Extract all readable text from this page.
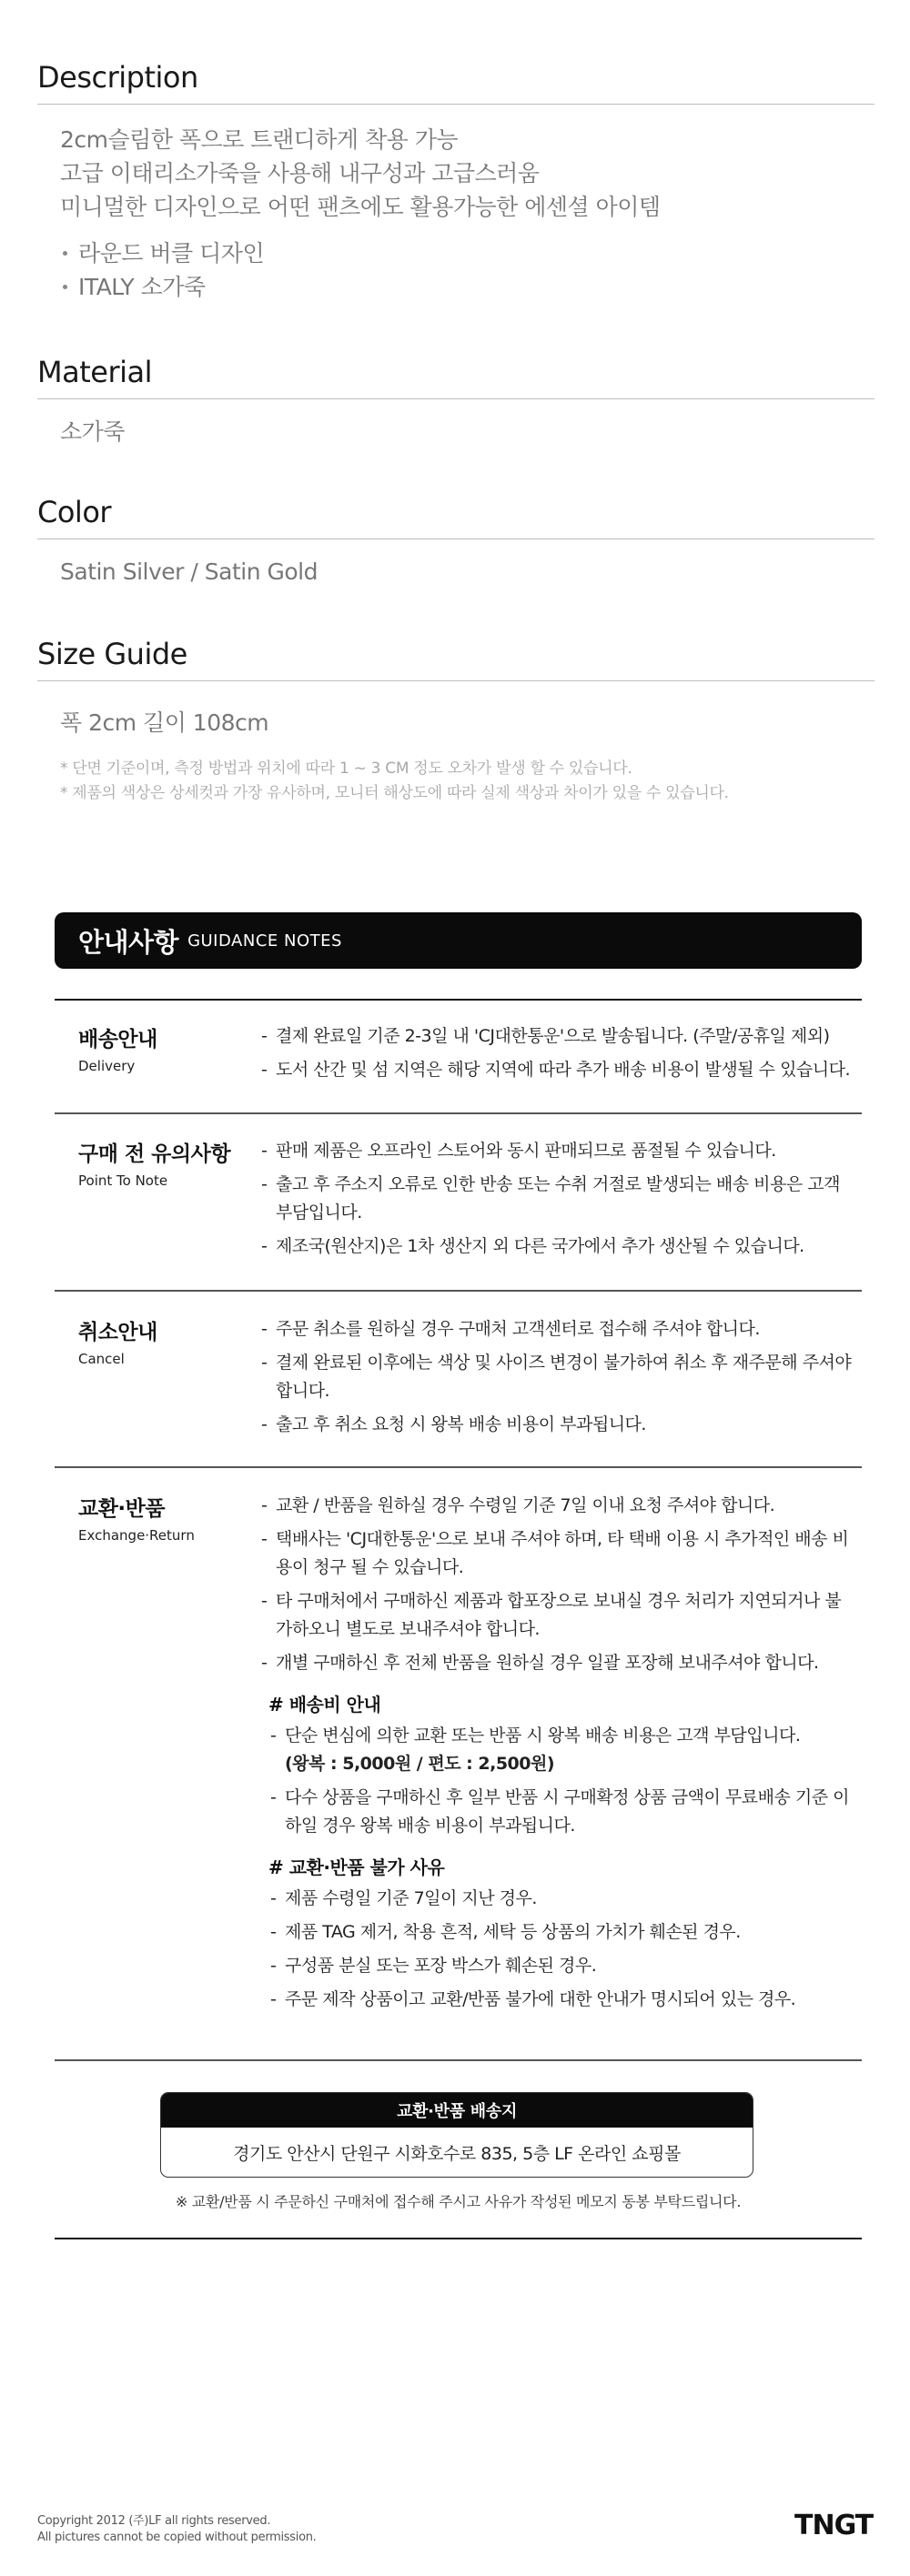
Description
2cm슬림한 폭으로 트랜디하게 착용 가능
고급 이태리소가죽을 사용해 내구성과 고급스러움
미니멀한 디자인으로 어떤 팬츠에도 활용가능한 에센셜 아이템
라운드 버클 디자인
ITALY 소가죽
Material
소가죽
Color
Satin Silver / Satin Gold
Size Guide
폭 2cm 길이 108cm
* 단면 기준이며, 측정 방법과 위치에 따라 1 ~ 3 CM 정도 오차가 발생 할 수 있습니다.
* 제품의 색상은 상세컷과 가장 유사하며, 모니터 해상도에 따라 실제 색상과 차이가 있을 수 있습니다.
안내사항 GUIDANCE NOTES
배송안내
Delivery
- 결제 완료일 기준 2-3일 내 'CJ대한통운'으로 발송됩니다. (주말/공휴일 제외)
- 도서 산간 및 섬 지역은 해당 지역에 따라 추가 배송 비용이 발생될 수 있습니다.
구매 전 유의사항
Point To Note
- 판매 제품은 오프라인 스토어와 동시 판매되므로 품절될 수 있습니다.
- 출고 후 주소지 오류로 인한 반송 또는 수취 거절로 발생되는 배송 비용은 고객 부담입니다.
- 제조국(원산지)은 1차 생산지 외 다른 국가에서 추가 생산될 수 있습니다.
취소안내
Cancel
- 주문 취소를 원하실 경우 구매처 고객센터로 접수해 주셔야 합니다.
- 결제 완료된 이후에는 색상 및 사이즈 변경이 불가하여 취소 후 재주문해 주셔야 합니다.
- 출고 후 취소 요청 시 왕복 배송 비용이 부과됩니다.
교환·반품
Exchange·Return
- 교환 / 반품을 원하실 경우 수령일 기준 7일 이내 요청 주셔야 합니다.
- 택배사는 'CJ대한통운'으로 보내 주셔야 하며, 타 택배 이용 시 추가적인 배송 비용이 청구 될 수 있습니다.
- 타 구매처에서 구매하신 제품과 합포장으로 보내실 경우 처리가 지연되거나 불가하오니 별도로 보내주셔야 합니다.
- 개별 구매하신 후 전체 반품을 원하실 경우 일괄 포장해 보내주셔야 합니다.
# 배송비 안내
- 단순 변심에 의한 교환 또는 반품 시 왕복 배송 비용은 고객 부담입니다.
(왕복 : 5,000원 / 편도 : 2,500원)
- 다수 상품을 구매하신 후 일부 반품 시 구매확정 상품 금액이 무료배송 기준 이하일 경우 왕복 배송 비용이 부과됩니다.
# 교환·반품 불가 사유
- 제품 수령일 기준 7일이 지난 경우.
- 제품 TAG 제거, 착용 흔적, 세탁 등 상품의 가치가 훼손된 경우.
- 구성품 분실 또는 포장 박스가 훼손된 경우.
- 주문 제작 상품이고 교환/반품 불가에 대한 안내가 명시되어 있는 경우.
교환·반품 배송지
경기도 안산시 단원구 시화호수로 835, 5층 LF 온라인 쇼핑몰
※ 교환/반품 시 주문하신 구매처에 접수해 주시고 사유가 작성된 메모지 동봉 부탁드립니다.
Copyright 2012 (주)LF all rights reserved.
All pictures cannot be copied without permission.	TNGT
